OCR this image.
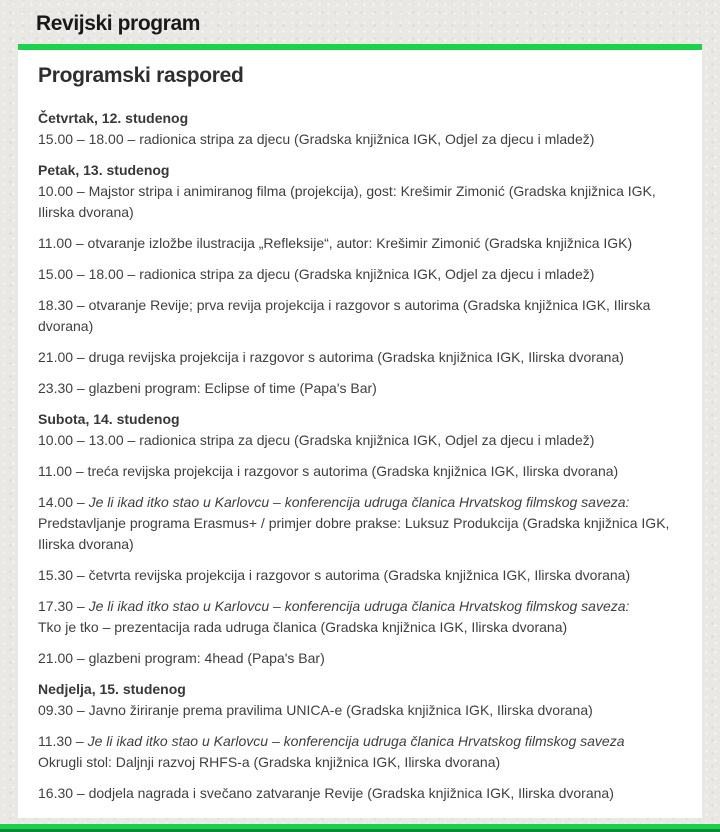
Revijski program
Programski raspored

Četvrtak, 12. studenog
15.00 – 18.00 – radionica stripa za djecu (Gradska knjižnica IGK, Odjel za djecu i mladež)

Petak, 13. studenog
10.00 – Majstor stripa i animiranog filma (projekcija), gost: Krešimir Zimonić (Gradska knjižnica IGK, Ilirska dvorana)

11.00 – otvaranje izložbe ilustracija „Refleksije“, autor: Krešimir Zimonić (Gradska knjižnica IGK)

15.00 – 18.00 – radionica stripa za djecu (Gradska knjižnica IGK, Odjel za djecu i mladež)

18.30 – otvaranje Revije; prva revija projekcija i razgovor s autorima (Gradska knjižnica IGK, Ilirska dvorana)

21.00 – druga revijska projekcija i razgovor s autorima (Gradska knjižnica IGK, Ilirska dvorana)

23.30 – glazbeni program: Eclipse of time (Papa's Bar)

Subota, 14. studenog
10.00 – 13.00 – radionica stripa za djecu (Gradska knjižnica IGK, Odjel za djecu i mladež)

11.00 – treća revijska projekcija i razgovor s autorima (Gradska knjižnica IGK, Ilirska dvorana)

14.00 – Je li ikad itko stao u Karlovcu – konferencija udruga članica Hrvatskog filmskog saveza:
Predstavljanje programa Erasmus+ / primjer dobre prakse: Luksuz Produkcija (Gradska knjižnica IGK, Ilirska dvorana)

15.30 – četvrta revijska projekcija i razgovor s autorima (Gradska knjižnica IGK, Ilirska dvorana)

17.30 – Je li ikad itko stao u Karlovcu – konferencija udruga članica Hrvatskog filmskog saveza:
Tko je tko – prezentacija rada udruga članica (Gradska knjižnica IGK, Ilirska dvorana)

21.00 – glazbeni program: 4head (Papa's Bar)

Nedjelja, 15. studenog
09.30 – Javno žiriranje prema pravilima UNICA-e (Gradska knjižnica IGK, Ilirska dvorana)

11.30 – Je li ikad itko stao u Karlovcu – konferencija udruga članica Hrvatskog filmskog saveza
Okrugli stol: Daljnji razvoj RHFS-a (Gradska knjižnica IGK, Ilirska dvorana)

16.30 – dodjela nagrada i svečano zatvaranje Revije (Gradska knjižnica IGK, Ilirska dvorana)
